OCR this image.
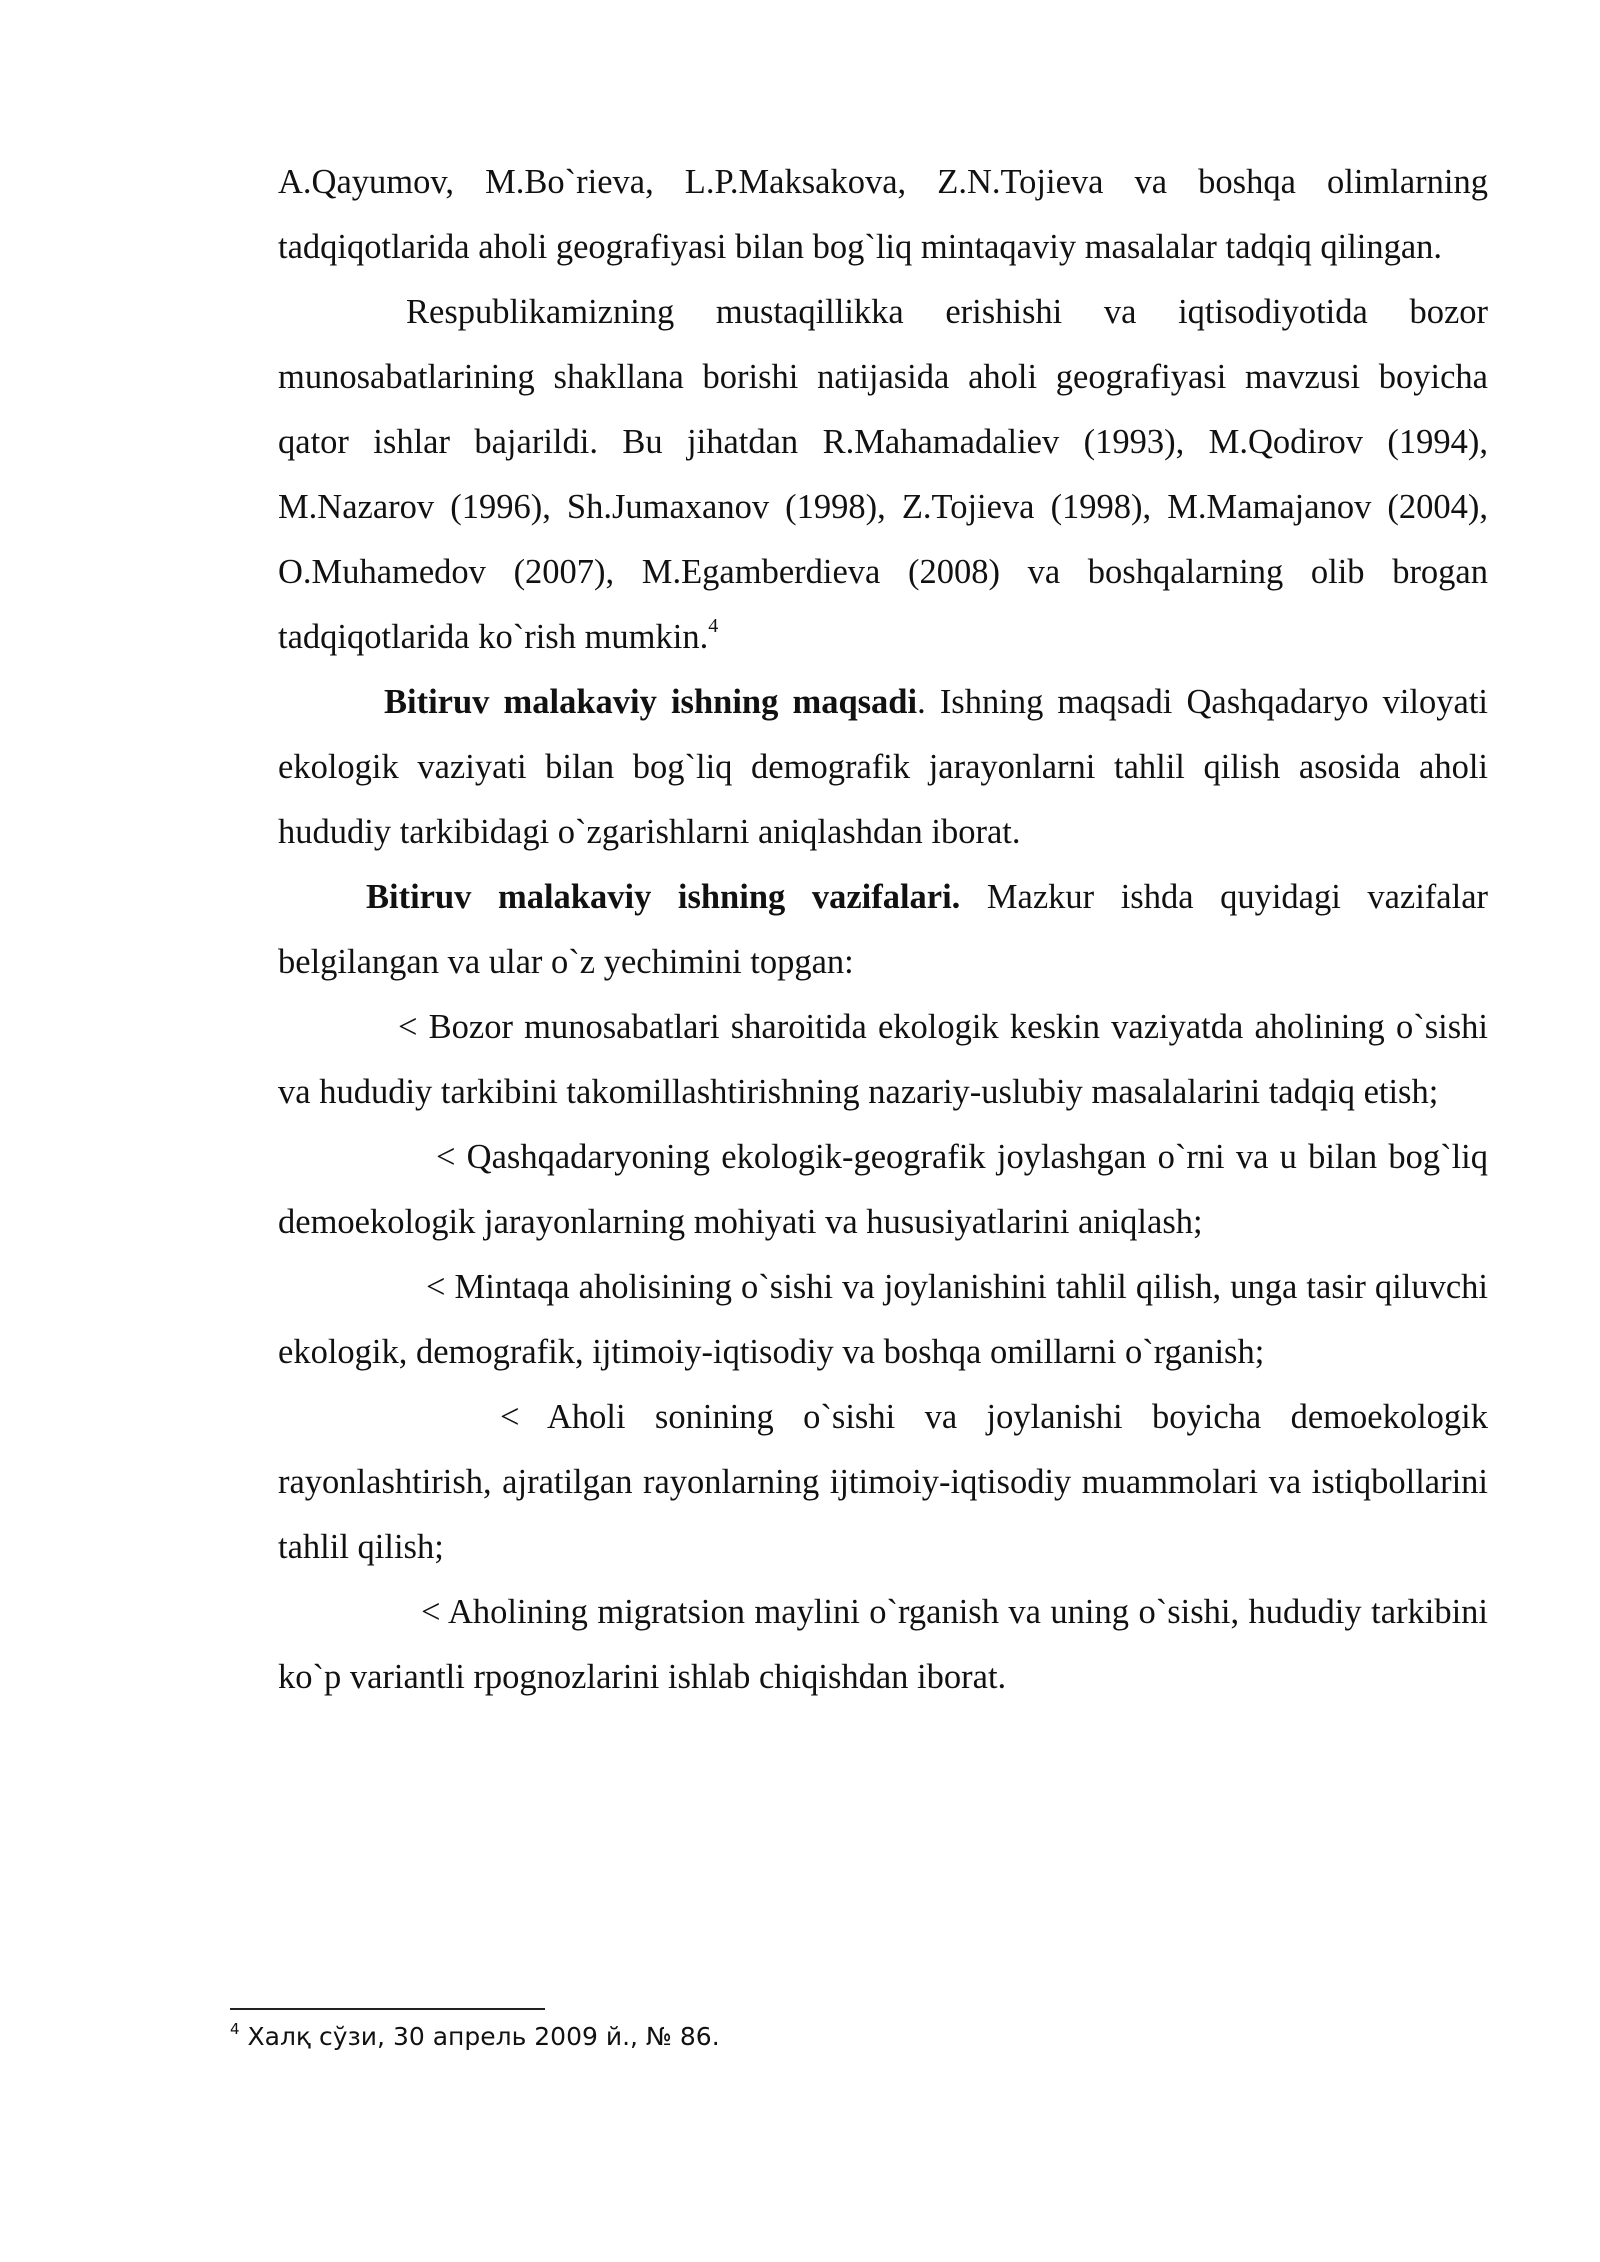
A.Qayumov, M.Bo`rieva, L.P.Maksakova, Z.N.Tojieva va boshqa olimlarning tadqiqotlarida aholi geografiyasi bilan bog`liq mintaqaviy masalalar tadqiq qilingan.

Respublikamizning mustaqillikka erishishi va iqtisodiyotida bozor munosabatlarining shakllana borishi natijasida aholi geografiyasi mavzusi boyicha qator ishlar bajarildi. Bu jihatdan R.Mahamadaliev (1993), M.Qodirov (1994), M.Nazarov (1996), Sh.Jumaxanov (1998), Z.Tojieva (1998), M.Mamajanov (2004), O.Muhamedov (2007), M.Egamberdieva (2008) va boshqalarning olib brogan tadqiqotlarida ko`rish mumkin.$^4$

Bitiruv malakaviy ishning maqsadi. Ishning maqsadi Qashqadaryo viloyati ekologik vaziyati bilan bog`liq demografik jarayonlarni tahlil qilish asosida aholi hududiy tarkibidagi o`zgarishlarni aniqlashdan iborat.

Bitiruv malakaviy ishning vazifalari. Mazkur ishda quyidagi vazifalar belgilangan va ular o`z yechimini topgan:

< Bozor munosabatlari sharoitida ekologik keskin vaziyatda aholining o`sishi va hududiy tarkibini takomillashtirishning nazariy-uslubiy masalalarini tadqiq etish;

< Qashqadaryoning ekologik-geografik joylashgan o`rni va u bilan bog`liq demoekologik jarayonlarning mohiyati va hususiyatlarini aniqlash;

< Mintaqa aholisining o`sishi va joylanishini tahlil qilish, unga tasir qiluvchi ekologik, demografik, ijtimoiy-iqtisodiy va boshqa omillarni o`rganish;

< Aholi sonining o`sishi va joylanishi boyicha demoekologik rayonlashtirish, ajratilgan rayonlarning ijtimoiy-iqtisodiy muammolari va istiqbollarini tahlil qilish;

< Aholining migratsion maylini o`rganish va uning o`sishi, hududiy tarkibini ko`p variantli rpognozlarini ishlab chiqishdan iborat.

$^4$ Халқ сўзи, 30 апрель 2009 й., № 86.
